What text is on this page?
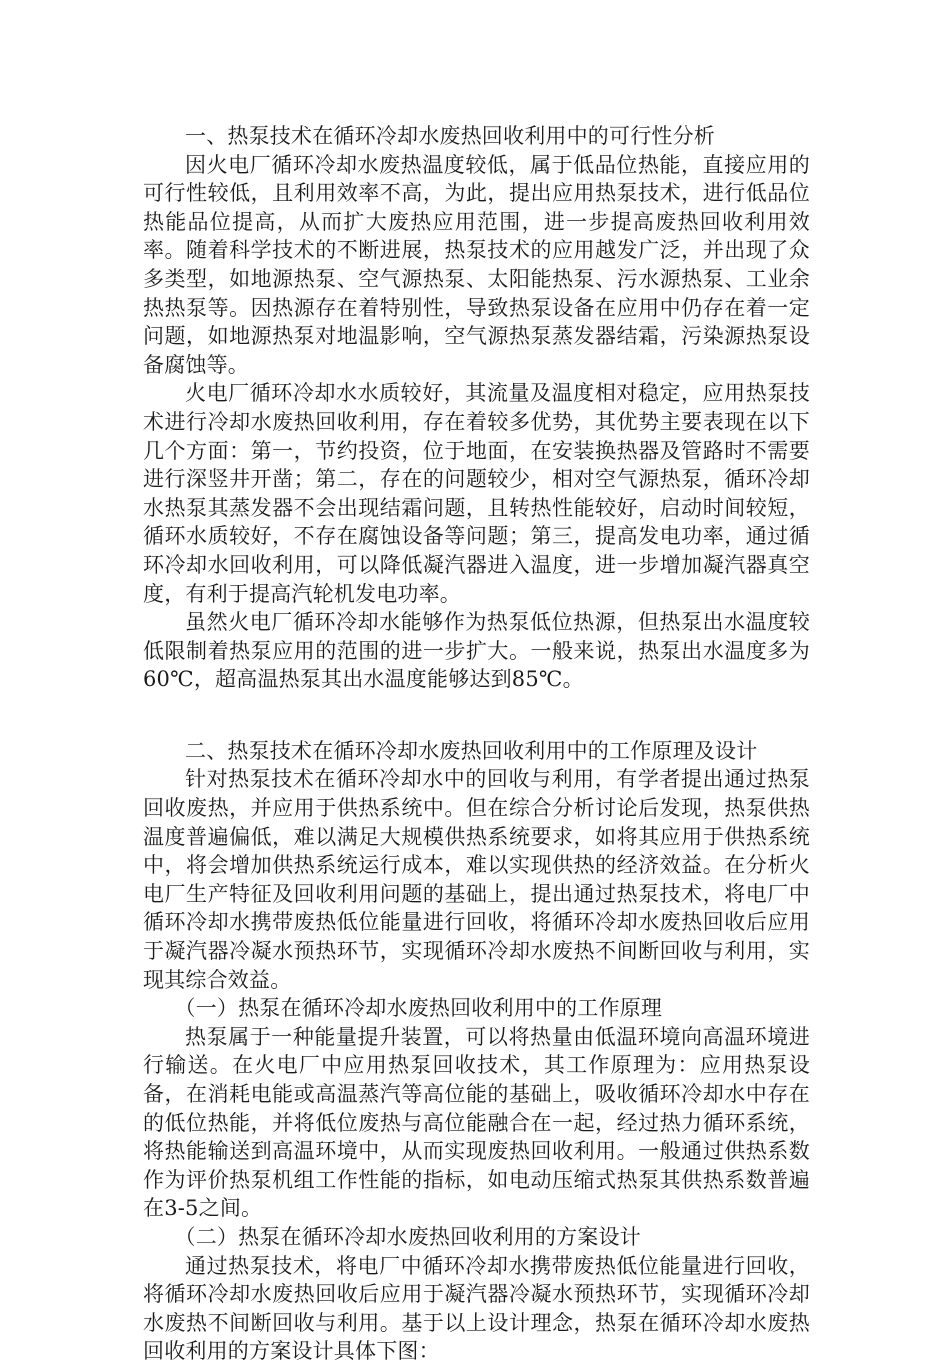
一、热泵技术在循环冷却水废热回收利用中的可行性分析

因火电厂循环冷却水废热温度较低，属于低品位热能，直接应用的可行性较低，且利用效率不高，为此，提出应用热泵技术，进行低品位热能品位提高，从而扩大废热应用范围，进一步提高废热回收利用效率。随着科学技术的不断进展，热泵技术的应用越发广泛，并出现了众多类型，如地源热泵、空气源热泵、太阳能热泵、污水源热泵、工业余热热泵等。因热源存在着特别性，导致热泵设备在应用中仍存在着一定问题，如地源热泵对地温影响，空气源热泵蒸发器结霜，污染源热泵设备腐蚀等。

火电厂循环冷却水水质较好，其流量及温度相对稳定，应用热泵技术进行冷却水废热回收利用，存在着较多优势，其优势主要表现在以下几个方面：第一，节约投资，位于地面，在安装换热器及管路时不需要进行深竖井开凿；第二，存在的问题较少，相对空气源热泵，循环冷却水热泵其蒸发器不会出现结霜问题，且转热性能较好，启动时间较短，循环水质较好，不存在腐蚀设备等问题；第三，提高发电功率，通过循环冷却水回收利用，可以降低凝汽器进入温度，进一步增加凝汽器真空度，有利于提高汽轮机发电功率。

虽然火电厂循环冷却水能够作为热泵低位热源，但热泵出水温度较低限制着热泵应用的范围的进一步扩大。一般来说，热泵出水温度多为60℃，超高温热泵其出水温度能够达到85℃。

二、热泵技术在循环冷却水废热回收利用中的工作原理及设计

针对热泵技术在循环冷却水中的回收与利用，有学者提出通过热泵回收废热，并应用于供热系统中。但在综合分析讨论后发现，热泵供热温度普遍偏低，难以满足大规模供热系统要求，如将其应用于供热系统中，将会增加供热系统运行成本，难以实现供热的经济效益。在分析火电厂生产特征及回收利用问题的基础上，提出通过热泵技术，将电厂中循环冷却水携带废热低位能量进行回收，将循环冷却水废热回收后应用于凝汽器冷凝水预热环节，实现循环冷却水废热不间断回收与利用，实现其综合效益。

（一）热泵在循环冷却水废热回收利用中的工作原理

热泵属于一种能量提升装置，可以将热量由低温环境向高温环境进行输送。在火电厂中应用热泵回收技术，其工作原理为：应用热泵设备，在消耗电能或高温蒸汽等高位能的基础上，吸收循环冷却水中存在的低位热能，并将低位废热与高位能融合在一起，经过热力循环系统，将热能输送到高温环境中，从而实现废热回收利用。一般通过供热系数作为评价热泵机组工作性能的指标，如电动压缩式热泵其供热系数普遍在3-5之间。

（二）热泵在循环冷却水废热回收利用的方案设计

通过热泵技术，将电厂中循环冷却水携带废热低位能量进行回收，将循环冷却水废热回收后应用于凝汽器冷凝水预热环节，实现循环冷却水废热不间断回收与利用。基于以上设计理念，热泵在循环冷却水废热回收利用的方案设计具体下图：
